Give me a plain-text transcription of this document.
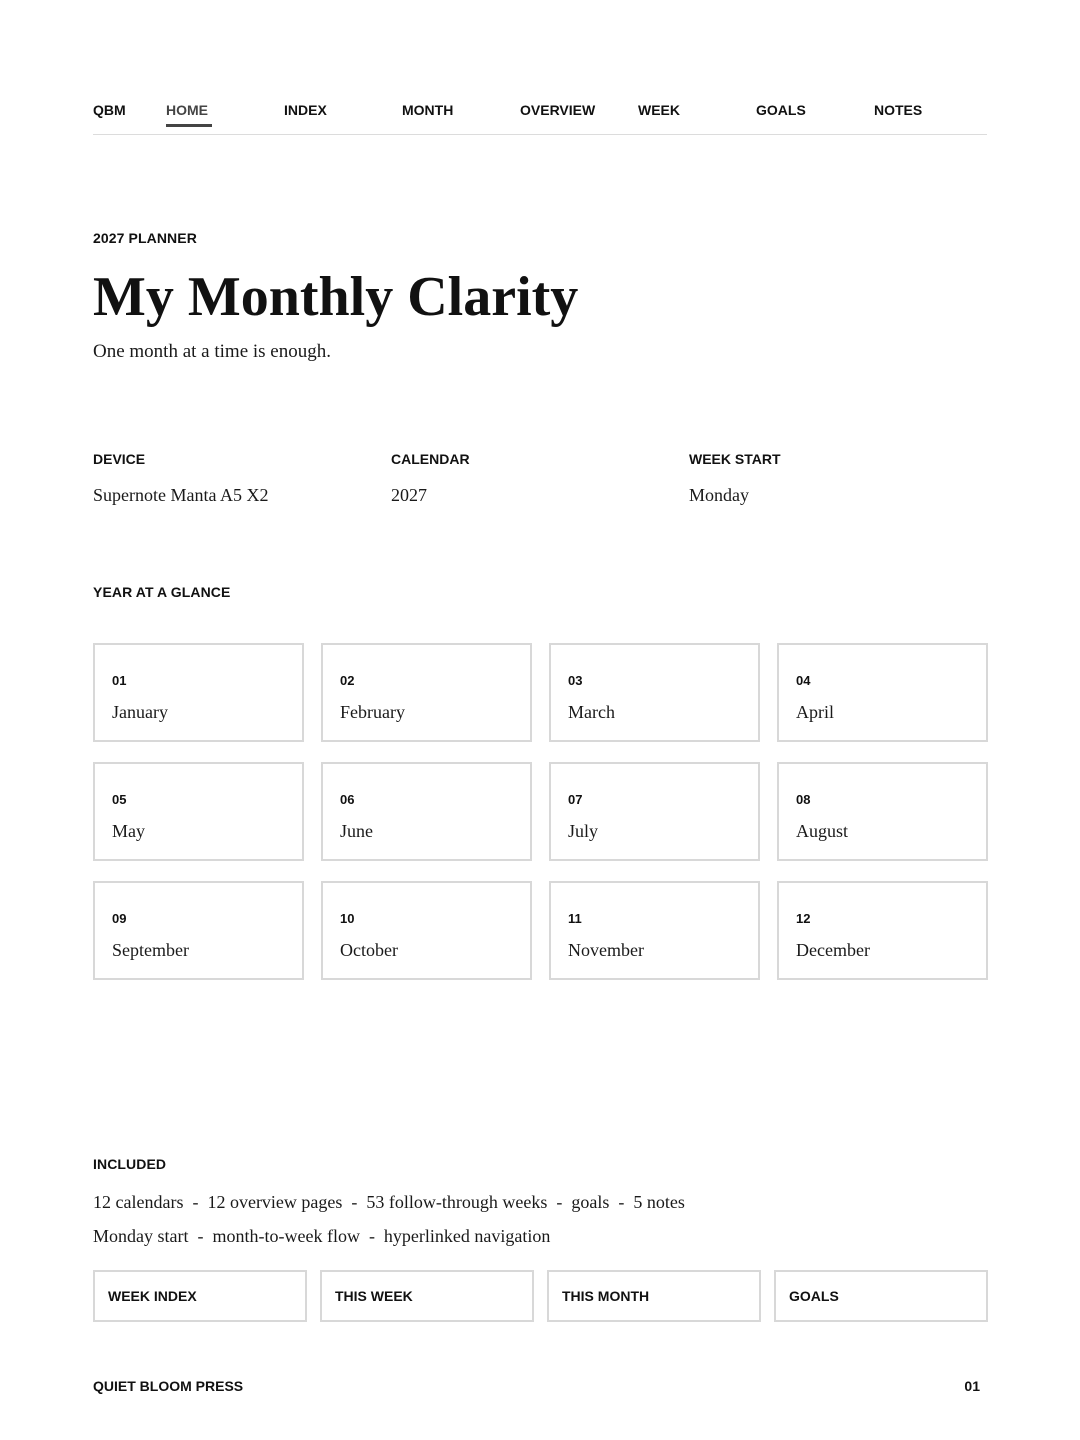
QBM	HOME	INDEX	MONTH	OVERVIEW	WEEK	GOALS	NOTES
2027 PLANNER
My Monthly Clarity
One month at a time is enough.
DEVICE
Supernote Manta A5 X2
CALENDAR
2027
WEEK START
Monday
YEAR AT A GLANCE
01
January
02
February
03
March
04
April
05
May
06
June
07
July
08
August
09
September
10
October
11
November
12
December
INCLUDED
12 calendars  -  12 overview pages  -  53 follow-through weeks  -  goals  -  5 notes
Monday start  -  month-to-week flow  -  hyperlinked navigation
WEEK INDEX	THIS WEEK	THIS MONTH	GOALS
QUIET BLOOM PRESS	01
